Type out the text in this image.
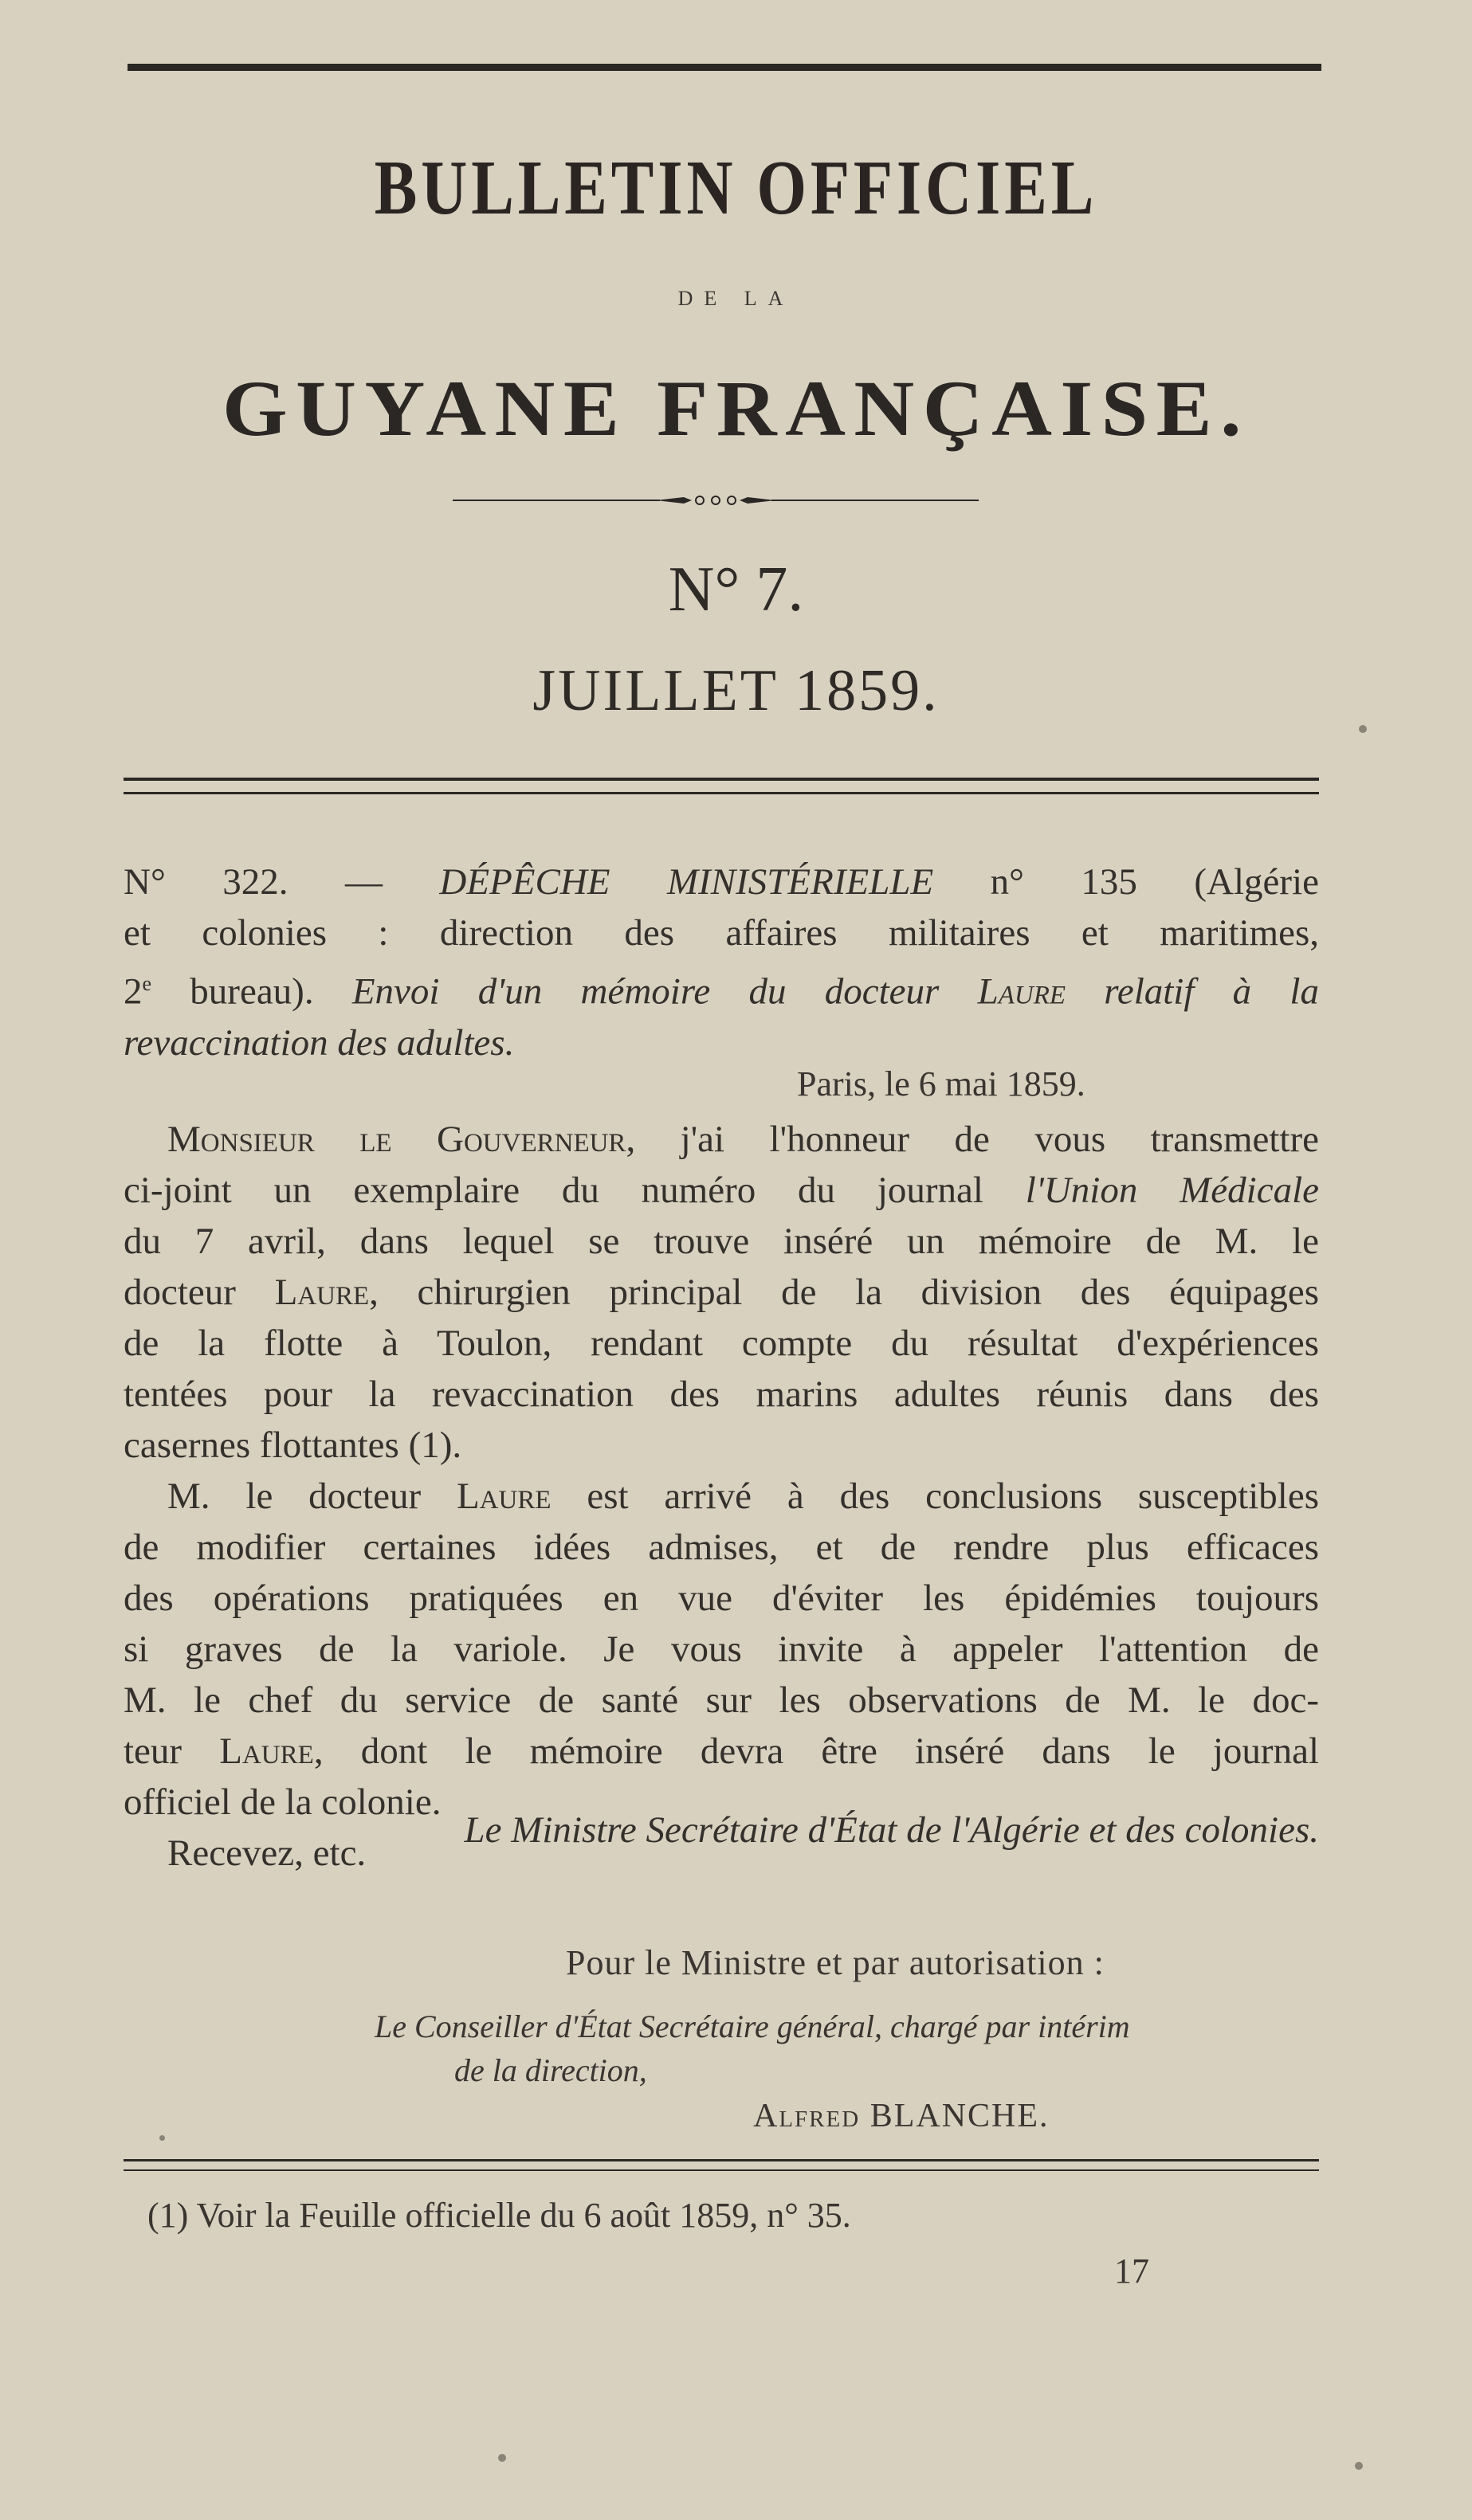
BULLETIN OFFICIEL
DE LA
GUYANE FRANÇAISE.
N° 7.
JUILLET 1859.
N° 322. — DÉPÊCHE MINISTÉRIELLE n° 135 (Algérie
et colonies : direction des affaires militaires et maritimes,
2e bureau). Envoi d'un mémoire du docteur Laure relatif à la
revaccination des adultes.
Paris, le 6 mai 1859.
Monsieur le Gouverneur, j'ai l'honneur de vous transmettre
ci-joint un exemplaire du numéro du journal l'Union Médicale
du 7 avril, dans lequel se trouve inséré un mémoire de M. le
docteur Laure, chirurgien principal de la division des équipages
de la flotte à Toulon, rendant compte du résultat d'expériences
tentées pour la revaccination des marins adultes réunis dans des
casernes flottantes (1).
M. le docteur Laure est arrivé à des conclusions susceptibles
de modifier certaines idées admises, et de rendre plus efficaces
des opérations pratiquées en vue d'éviter les épidémies toujours
si graves de la variole. Je vous invite à appeler l'attention de
M. le chef du service de santé sur les observations de M. le doc-
teur Laure, dont le mémoire devra être inséré dans le journal
officiel de la colonie.
Recevez, etc.
Le Ministre Secrétaire d'État de l'Algérie et des colonies.
Pour le Ministre et par autorisation :
Le Conseiller d'État Secrétaire général, chargé par intérim
de la direction,
Alfred BLANCHE.
(1) Voir la Feuille officielle du 6 août 1859, n° 35.
17
